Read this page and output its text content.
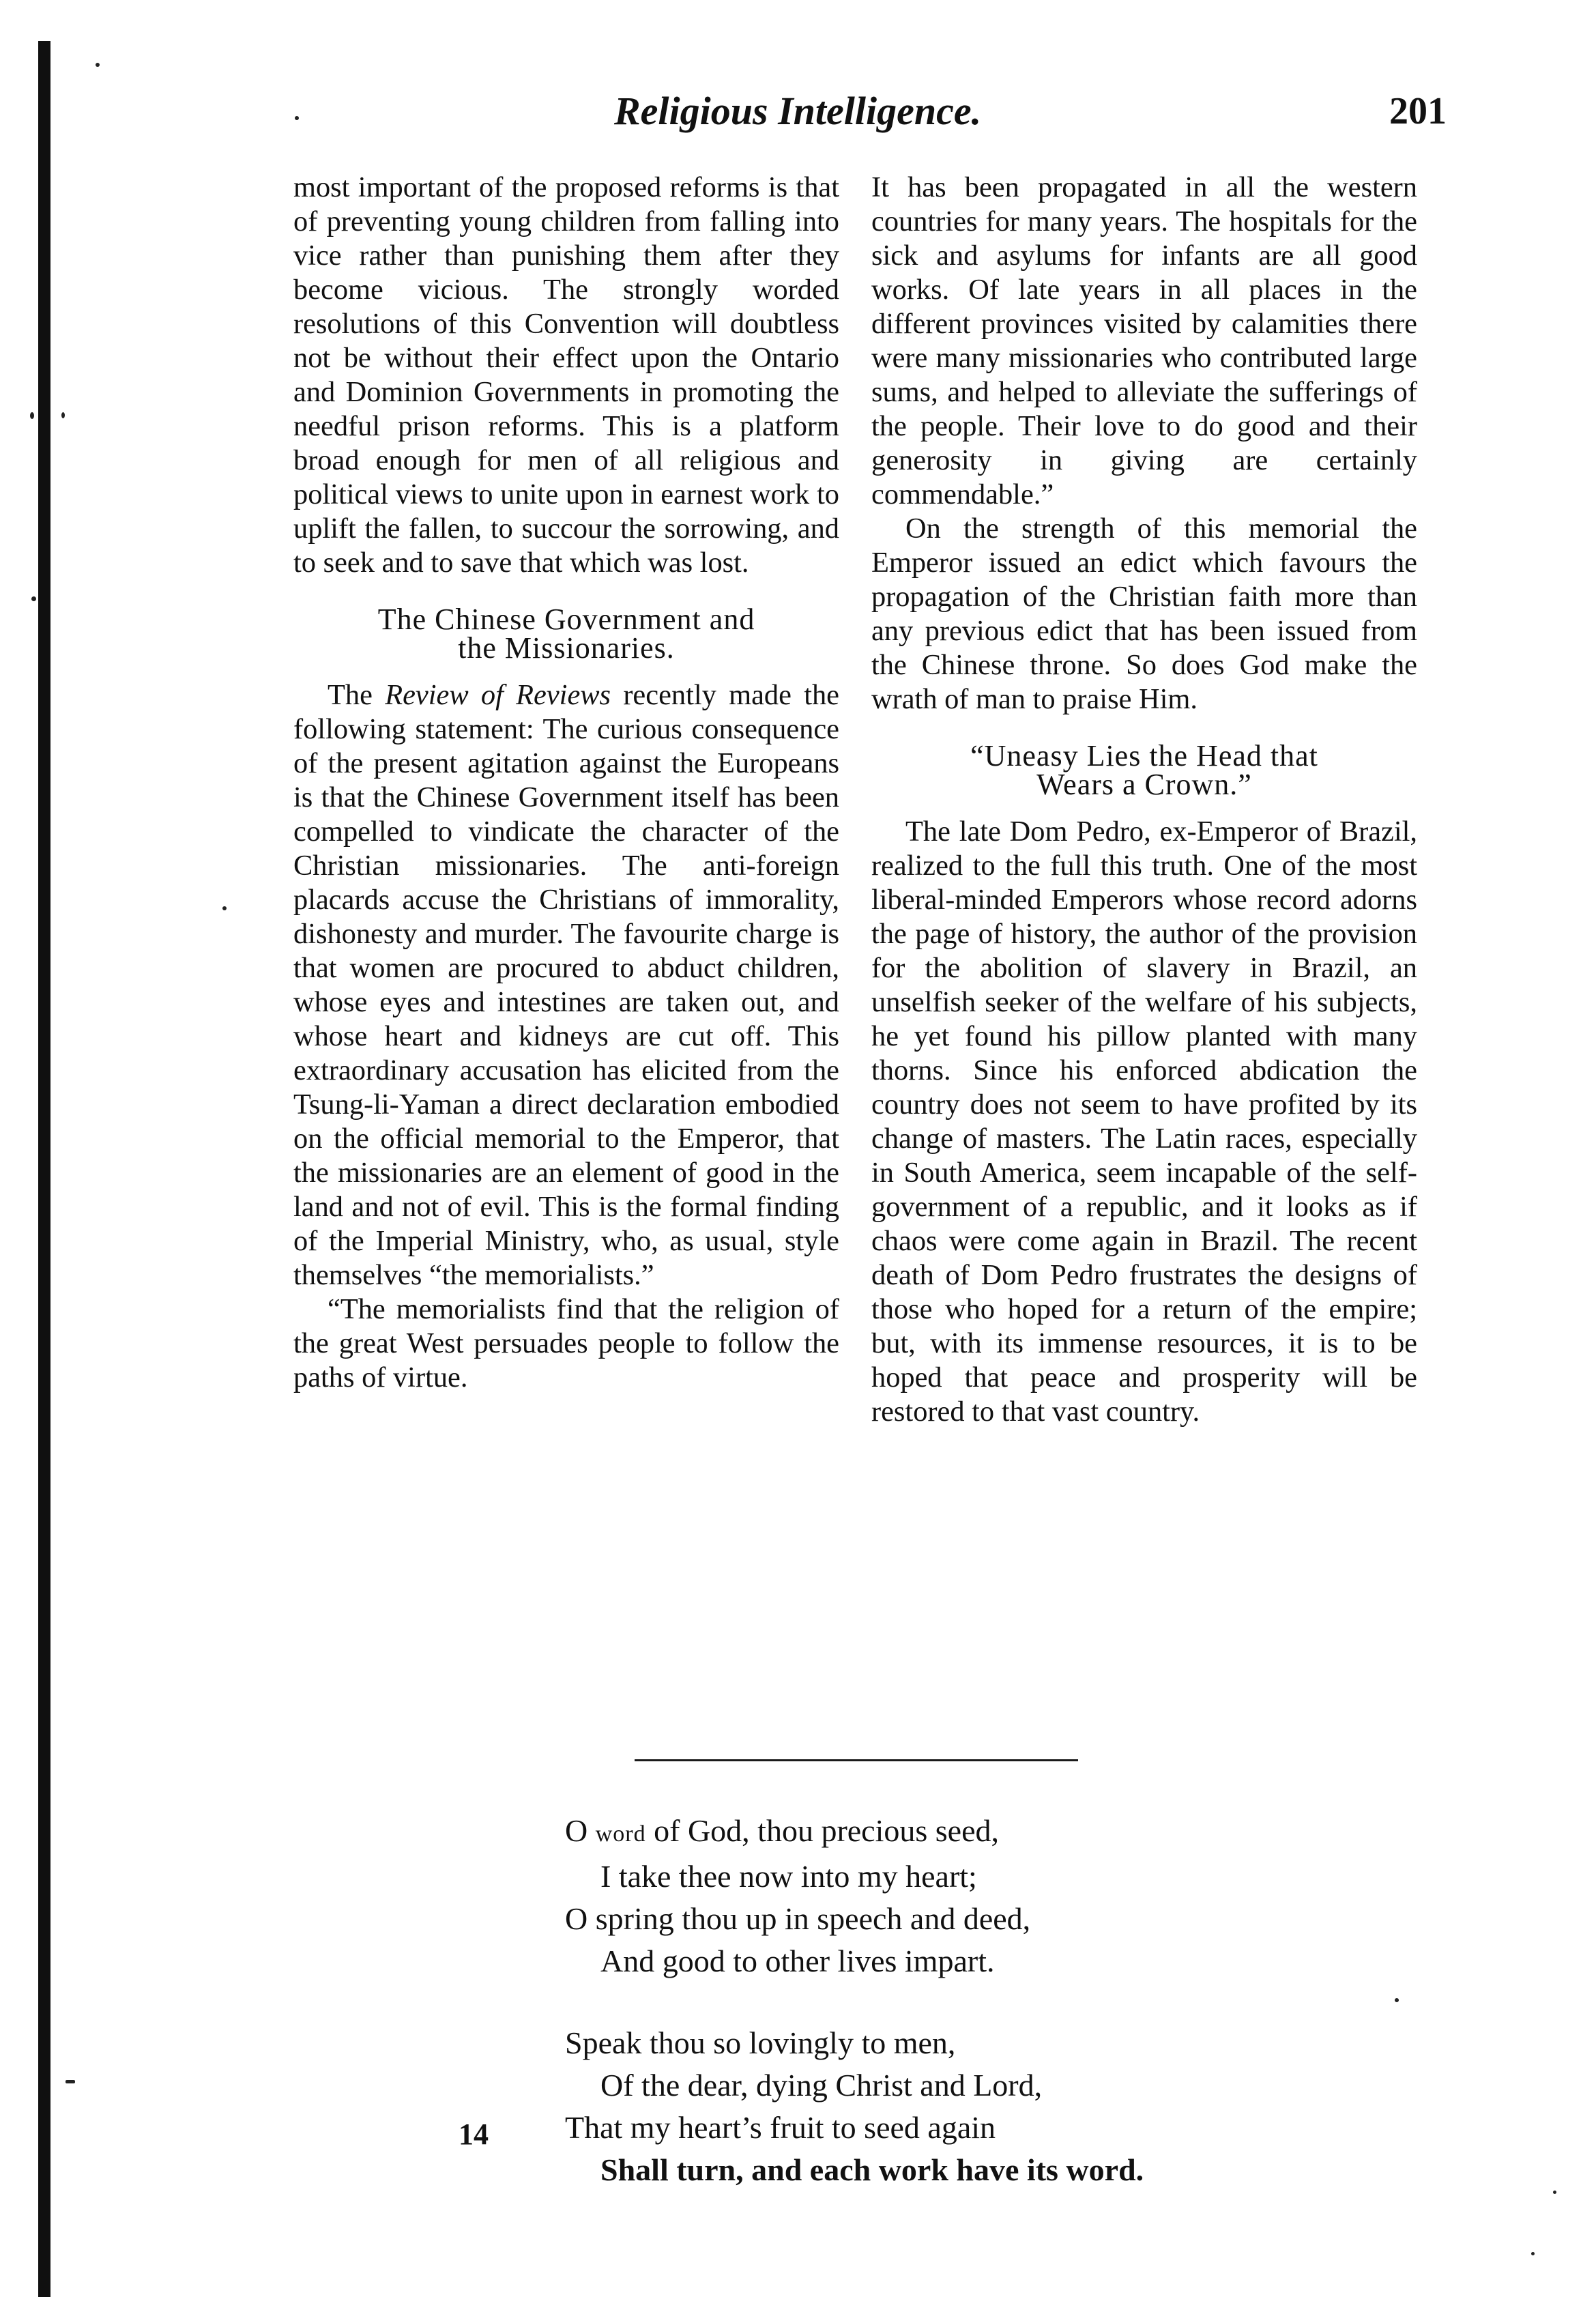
Religious Intelligence.	201

most important of the proposed reforms is that of preventing young children from falling into vice rather than punishing them after they become vicious. The strongly worded resolutions of this Convention will doubtless not be without their effect upon the Ontario and Dominion Governments in promoting the needful prison reforms. This is a platform broad enough for men of all religious and political views to unite upon in earnest work to uplift the fallen, to succour the sorrowing, and to seek and to save that which was lost.

The Chinese Government and
the Missionaries.

The Review of Reviews recently made the following statement: The curious consequence of the present agitation against the Europeans is that the Chinese Government itself has been compelled to vindicate the character of the Christian missionaries. The anti-foreign placards accuse the Christians of immorality, dishonesty and murder. The favourite charge is that women are procured to abduct children, whose eyes and intestines are taken out, and whose heart and kidneys are cut off. This extraordinary accusation has elicited from the Tsung-li-Yaman a direct declaration embodied on the official memorial to the Emperor, that the missionaries are an element of good in the land and not of evil. This is the formal finding of the Imperial Ministry, who, as usual, style themselves “the memorialists.”

“The memorialists find that the religion of the great West persuades people to follow the paths of virtue.

It has been propagated in all the western countries for many years. The hospitals for the sick and asylums for infants are all good works. Of late years in all places in the different provinces visited by calamities there were many missionaries who contributed large sums, and helped to alleviate the sufferings of the people. Their love to do good and their generosity in giving are certainly commendable.”

On the strength of this memorial the Emperor issued an edict which favours the propagation of the Christian faith more than any previous edict that has been issued from the Chinese throne. So does God make the wrath of man to praise Him.

“Uneasy Lies the Head that
Wears a Crown.”

The late Dom Pedro, ex-Emperor of Brazil, realized to the full this truth. One of the most liberal-minded Emperors whose record adorns the page of history, the author of the provision for the abolition of slavery in Brazil, an unselfish seeker of the welfare of his subjects, he yet found his pillow planted with many thorns. Since his enforced abdication the country does not seem to have profited by its change of masters. The Latin races, especially in South America, seem incapable of the self-government of a republic, and it looks as if chaos were come again in Brazil. The recent death of Dom Pedro frustrates the designs of those who hoped for a return of the empire; but, with its immense resources, it is to be hoped that peace and prosperity will be restored to that vast country.

O word of God, thou precious seed,
I take thee now into my heart;
O spring thou up in speech and deed,
And good to other lives impart.
Speak thou so lovingly to men,
Of the dear, dying Christ and Lord,
That my heart’s fruit to seed again
Shall turn, and each work have its word.
14
